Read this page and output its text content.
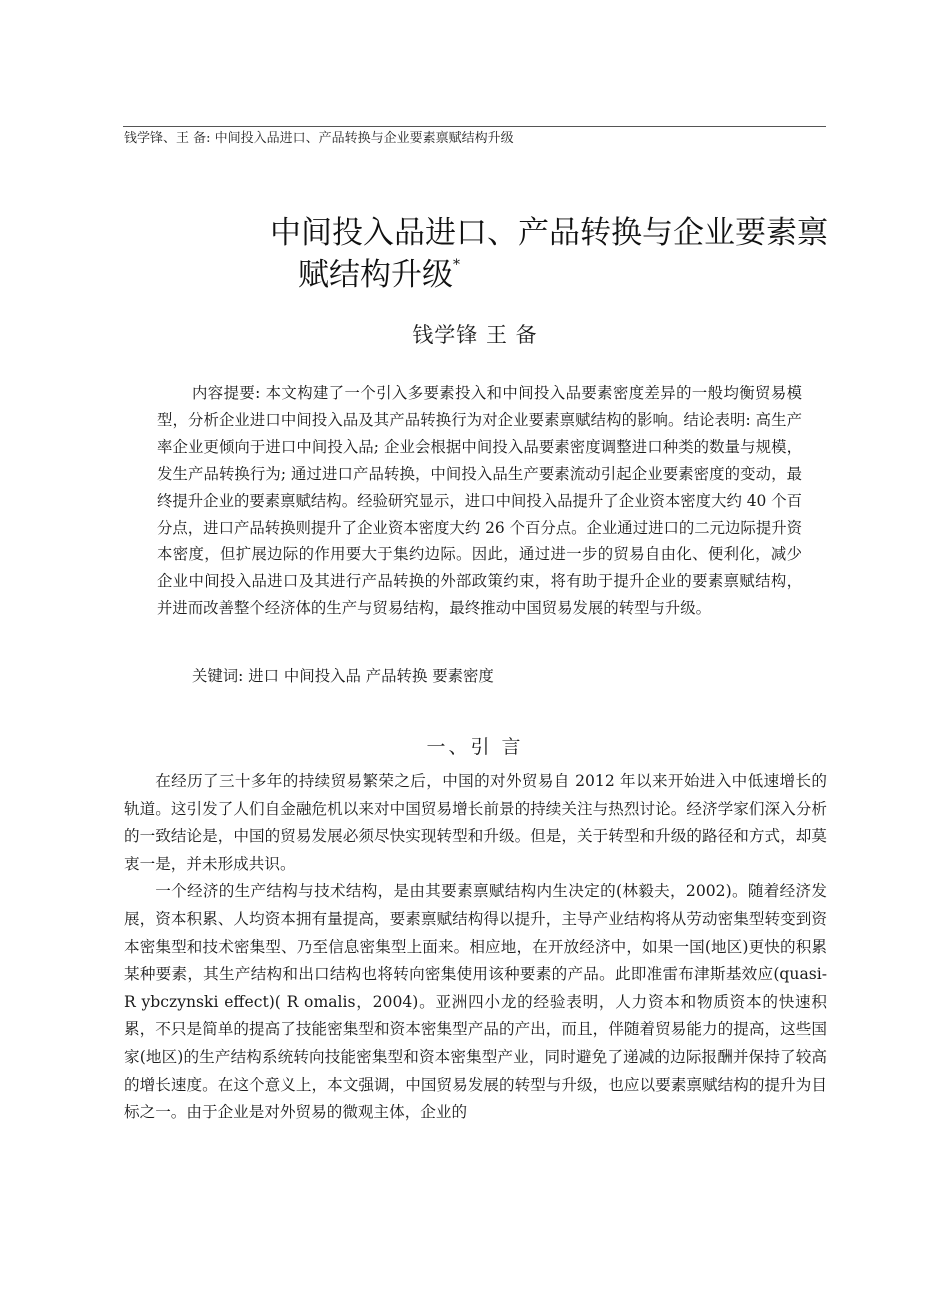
钱学锋、王 备: 中间投入品进口、产品转换与企业要素禀赋结构升级
中间投入品进口、产品转换与企业要素禀
赋结构升级*
钱学锋 王 备

内容提要: 本文构建了一个引入多要素投入和中间投入品要素密度差异的一般均衡贸易模型，分析企业进口中间投入品及其产品转换行为对企业要素禀赋结构的影响。结论表明: 高生产率企业更倾向于进口中间投入品; 企业会根据中间投入品要素密度调整进口种类的数量与规模，发生产品转换行为; 通过进口产品转换，中间投入品生产要素流动引起企业要素密度的变动，最终提升企业的要素禀赋结构。经验研究显示，进口中间投入品提升了企业资本密度大约 40 个百分点，进口产品转换则提升了企业资本密度大约 26 个百分点。企业通过进口的二元边际提升资本密度，但扩展边际的作用要大于集约边际。因此，通过进一步的贸易自由化、便利化，减少企业中间投入品进口及其进行产品转换的外部政策约束，将有助于提升企业的要素禀赋结构，并进而改善整个经济体的生产与贸易结构，最终推动中国贸易发展的转型与升级。

关键词: 进口 中间投入品 产品转换 要素密度
一、引 言

在经历了三十多年的持续贸易繁荣之后，中国的对外贸易自 2012 年以来开始进入中低速增长的轨道。这引发了人们自金融危机以来对中国贸易增长前景的持续关注与热烈讨论。经济学家们深入分析的一致结论是，中国的贸易发展必须尽快实现转型和升级。但是，关于转型和升级的路径和方式，却莫衷一是，并未形成共识。

一个经济的生产结构与技术结构，是由其要素禀赋结构内生决定的(林毅夫，2002)。随着经济发展，资本积累、人均资本拥有量提高，要素禀赋结构得以提升，主导产业结构将从劳动密集型转变到资本密集型和技术密集型、乃至信息密集型上面来。相应地，在开放经济中，如果一国(地区)更快的积累某种要素，其生产结构和出口结构也将转向密集使用该种要素的产品。此即准雷布津斯基效应(quasi- R ybczynski effect)( R omalis，2004)。亚洲四小龙的经验表明，人力资本和物质资本的快速积累，不只是简单的提高了技能密集型和资本密集型产品的产出，而且，伴随着贸易能力的提高，这些国家(地区)的生产结构系统转向技能密集型和资本密集型产业，同时避免了递减的边际报酬并保持了较高的增长速度。在这个意义上，本文强调，中国贸易发展的转型与升级，也应以要素禀赋结构的提升为目标之一。由于企业是对外贸易的微观主体，企业的
